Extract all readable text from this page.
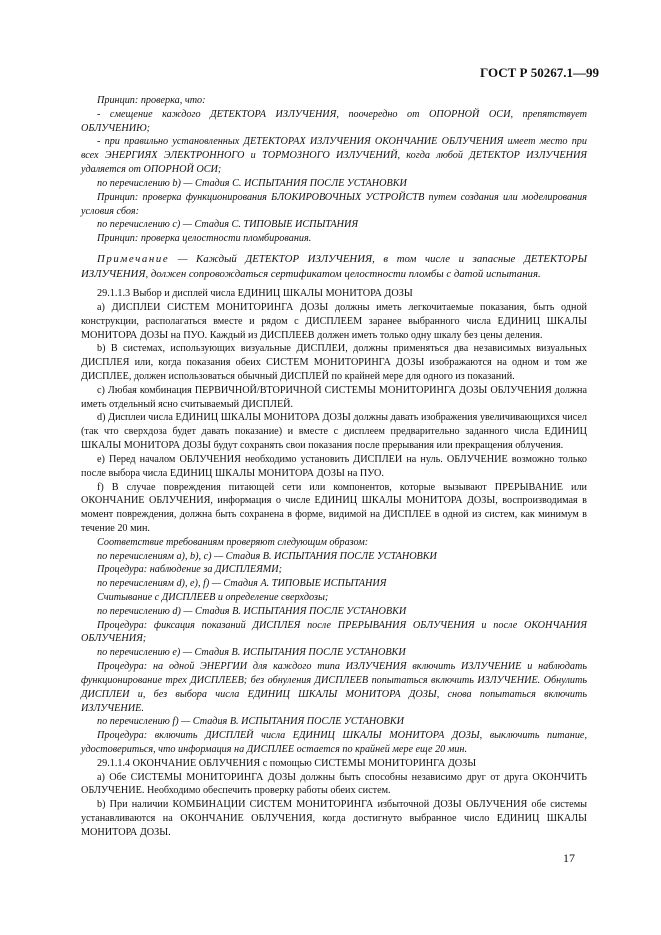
ГОСТ Р 50267.1—99

Принцип: проверка, что:

- смещение каждого ДЕТЕКТОРА ИЗЛУЧЕНИЯ, поочередно от ОПОРНОЙ ОСИ, препятствует ОБЛУЧЕНИЮ;

- при правильно установленных ДЕТЕКТОРАХ ИЗЛУЧЕНИЯ ОКОНЧАНИЕ ОБЛУЧЕНИЯ имеет место при всех ЭНЕРГИЯХ ЭЛЕКТРОННОГО и ТОРМОЗНОГО ИЗЛУЧЕНИЙ, когда любой ДЕТЕКТОР ИЗЛУЧЕНИЯ удаляется от ОПОРНОЙ ОСИ;

по перечислению b) — Стадия С. ИСПЫТАНИЯ ПОСЛЕ УСТАНОВКИ

Принцип: проверка функционирования БЛОКИРОВОЧНЫХ УСТРОЙСТВ путем создания или моделирования условия сбоя:

по перечислению с) — Стадия С. ТИПОВЫЕ ИСПЫТАНИЯ

Принцип: проверка целостности пломбирования.

Примечание — Каждый ДЕТЕКТОР ИЗЛУЧЕНИЯ, в том числе и запасные ДЕТЕКТОРЫ ИЗЛУЧЕНИЯ, должен сопровождаться сертификатом целостности пломбы с датой испытания.

29.1.1.3 Выбор и дисплей числа ЕДИНИЦ ШКАЛЫ МОНИТОРА ДОЗЫ

а) ДИСПЛЕИ СИСТЕМ МОНИТОРИНГА ДОЗЫ должны иметь легкочитаемые показания, быть одной конструкции, располагаться вместе и рядом с ДИСПЛЕЕМ заранее выбранного числа ЕДИНИЦ ШКАЛЫ МОНИТОРА ДОЗЫ на ПУО. Каждый из ДИСПЛЕЕВ должен иметь только одну шкалу без цены деления.

b) В системах, использующих визуальные ДИСПЛЕИ, должны применяться два независимых визуальных ДИСПЛЕЯ или, когда показания обеих СИСТЕМ МОНИТОРИНГА ДОЗЫ изображаются на одном и том же ДИСПЛЕЕ, должен использоваться обычный ДИСПЛЕЙ по крайней мере для одного из показаний.

с) Любая комбинация ПЕРВИЧНОЙ/ВТОРИЧНОЙ СИСТЕМЫ МОНИТОРИНГА ДОЗЫ ОБЛУЧЕНИЯ должна иметь отдельный ясно считываемый ДИСПЛЕЙ.

d) Дисплеи числа ЕДИНИЦ ШКАЛЫ МОНИТОРА ДОЗЫ должны давать изображения увеличивающихся чисел (так что сверхдоза будет давать показание) и вместе с дисплеем предварительно заданного числа ЕДИНИЦ ШКАЛЫ МОНИТОРА ДОЗЫ будут сохранять свои показания после прерывания или прекращения облучения.

е) Перед началом ОБЛУЧЕНИЯ необходимо установить ДИСПЛЕИ на нуль. ОБЛУЧЕНИЕ возможно только после выбора числа ЕДИНИЦ ШКАЛЫ МОНИТОРА ДОЗЫ на ПУО.

f) В случае повреждения питающей сети или компонентов, которые вызывают ПРЕРЫВАНИЕ или ОКОНЧАНИЕ ОБЛУЧЕНИЯ, информация о числе ЕДИНИЦ ШКАЛЫ МОНИТОРА ДОЗЫ, воспроизводимая в момент повреждения, должна быть сохранена в форме, видимой на ДИСПЛЕЕ в одной из систем, как минимум в течение 20 мин.

Соответствие требованиям проверяют следующим образом:

по перечислениям а), b), с) — Стадия В. ИСПЫТАНИЯ ПОСЛЕ УСТАНОВКИ

Процедура: наблюдение за ДИСПЛЕЯМИ;

по перечислениям d), е), f) — Стадия А. ТИПОВЫЕ ИСПЫТАНИЯ

Считывание с ДИСПЛЕЕВ и определение сверхдозы;

по перечислению d) — Стадия В. ИСПЫТАНИЯ ПОСЛЕ УСТАНОВКИ

Процедура: фиксация показаний ДИСПЛЕЯ после ПРЕРЫВАНИЯ ОБЛУЧЕНИЯ и после ОКОНЧАНИЯ ОБЛУЧЕНИЯ;

по перечислению е) — Стадия В. ИСПЫТАНИЯ ПОСЛЕ УСТАНОВКИ

Процедура: на одной ЭНЕРГИИ для каждого типа ИЗЛУЧЕНИЯ включить ИЗЛУЧЕНИЕ и наблюдать функционирование трех ДИСПЛЕЕВ; без обнуления ДИСПЛЕЕВ попытаться включить ИЗЛУЧЕНИЕ. Обнулить ДИСПЛЕИ и, без выбора числа ЕДИНИЦ ШКАЛЫ МОНИТОРА ДОЗЫ, снова попытаться включить ИЗЛУЧЕНИЕ.

по перечислению f) — Стадия В. ИСПЫТАНИЯ ПОСЛЕ УСТАНОВКИ

Процедура: включить ДИСПЛЕЙ числа ЕДИНИЦ ШКАЛЫ МОНИТОРА ДОЗЫ, выключить питание, удостовериться, что информация на ДИСПЛЕЕ остается по крайней мере еще 20 мин.

29.1.1.4 ОКОНЧАНИЕ ОБЛУЧЕНИЯ с помощью СИСТЕМЫ МОНИТОРИНГА ДОЗЫ

а) Обе СИСТЕМЫ МОНИТОРИНГА ДОЗЫ должны быть способны независимо друг от друга ОКОНЧИТЬ ОБЛУЧЕНИЕ. Необходимо обеспечить проверку работы обеих систем.

b) При наличии КОМБИНАЦИИ СИСТЕМ МОНИТОРИНГА избыточной ДОЗЫ ОБЛУЧЕНИЯ обе системы устанавливаются на ОКОНЧАНИЕ ОБЛУЧЕНИЯ, когда достигнуто выбранное число ЕДИНИЦ ШКАЛЫ МОНИТОРА ДОЗЫ.

17
